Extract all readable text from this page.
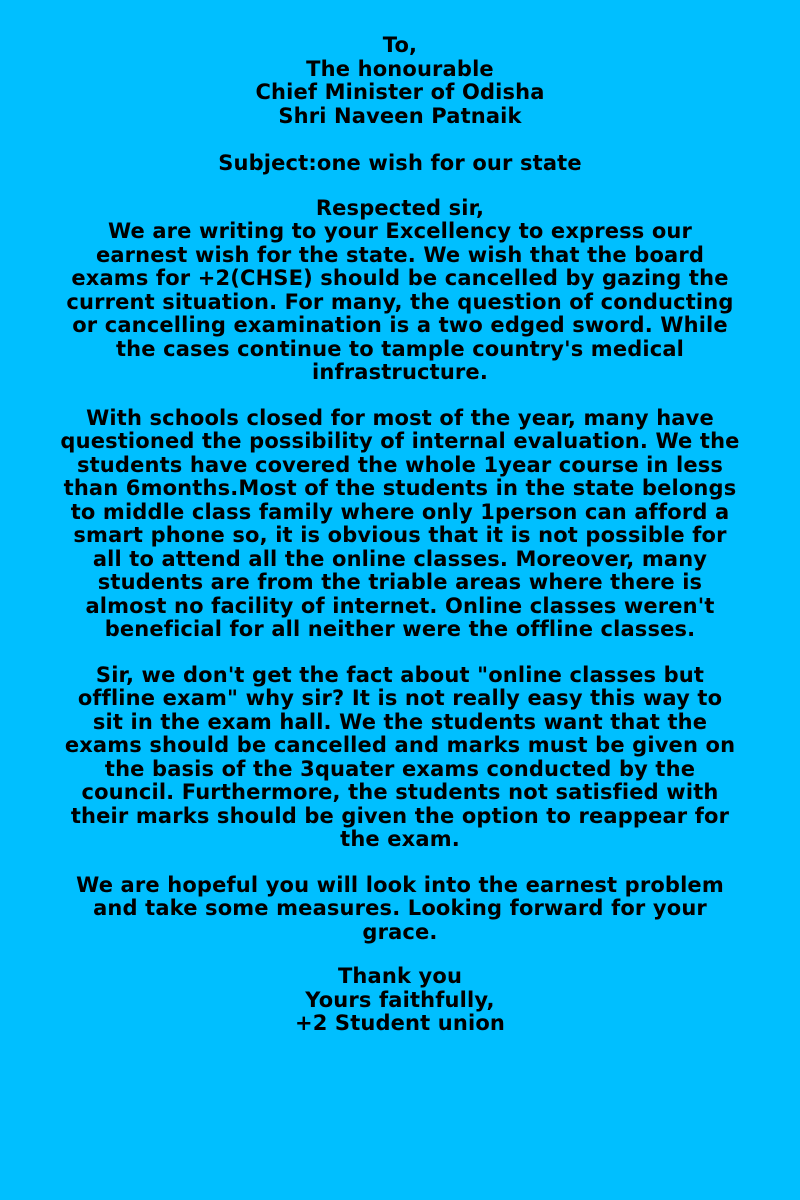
To,
The honourable
Chief Minister of Odisha
Shri Naveen Patnaik
Subject:one wish for our state
Respected sir,
We are writing to your Excellency to express our
earnest wish for the state. We wish that the board
exams for +2(CHSE) should be cancelled by gazing the
current situation. For many, the question of conducting
or cancelling examination is a two edged sword. While
the cases continue to tample country's medical
infrastructure.
With schools closed for most of the year, many have
questioned the possibility of internal evaluation. We the
students have covered the whole 1year course in less
than 6months.Most of the students in the state belongs
to middle class family where only 1person can afford a
smart phone so, it is obvious that it is not possible for
all to attend all the online classes. Moreover, many
students are from the triable areas where there is
almost no facility of internet. Online classes weren't
beneficial for all neither were the offline classes.
Sir, we don't get the fact about "online classes but
offline exam" why sir? It is not really easy this way to
sit in the exam hall. We the students want that the
exams should be cancelled and marks must be given on
the basis of the 3quater exams conducted by the
council. Furthermore, the students not satisfied with
their marks should be given the option to reappear for
the exam.
We are hopeful you will look into the earnest problem
and take some measures. Looking forward for your
grace.
Thank you
Yours faithfully,
+2 Student union
